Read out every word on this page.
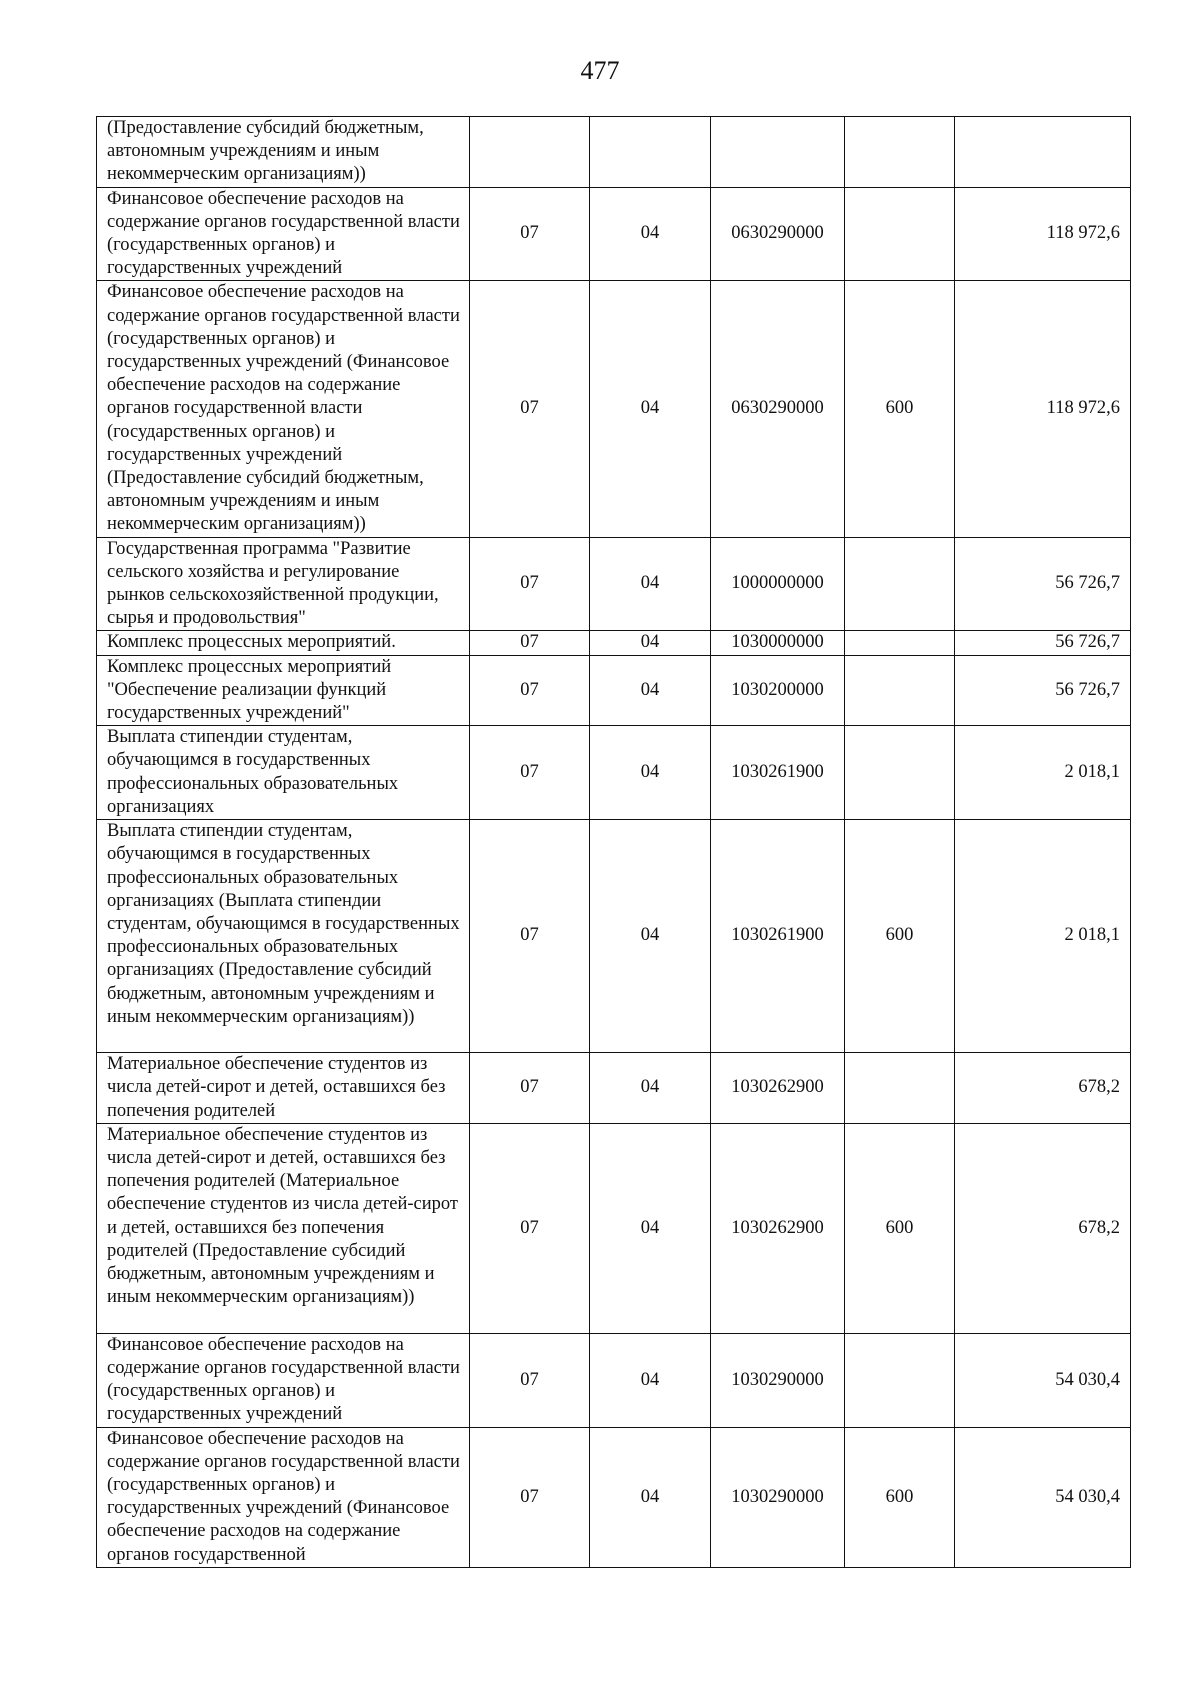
477
(Предоставление субсидий бюджетным, автономным учреждениям и иным некоммерческим организациям))					
Финансовое обеспечение расходов на содержание органов государственной власти (государственных органов) и государственных учреждений	07	04	0630290000		118 972,6
Финансовое обеспечение расходов на содержание органов государственной власти (государственных органов) и государственных учреждений (Финансовое обеспечение расходов на содержание органов государственной власти (государственных органов) и государственных учреждений (Предоставление субсидий бюджетным, автономным учреждениям и иным некоммерческим организациям))	07	04	0630290000	600	118 972,6
Государственная программа "Развитие сельского хозяйства и регулирование рынков сельскохозяйственной продукции, сырья и продовольствия"	07	04	1000000000		56 726,7
Комплекс процессных мероприятий.	07	04	1030000000		56 726,7
Комплекс процессных мероприятий "Обеспечение реализации функций государственных учреждений"	07	04	1030200000		56 726,7
Выплата стипендии студентам, обучающимся в государственных профессиональных образовательных организациях	07	04	1030261900		2 018,1
Выплата стипендии студентам, обучающимся в государственных профессиональных образовательных организациях (Выплата стипендии студентам, обучающимся в государственных профессиональных образовательных организациях (Предоставление субсидий бюджетным, автономным учреждениям и иным некоммерческим организациям))	07	04	1030261900	600	2 018,1
Материальное обеспечение студентов из числа детей-сирот и детей, оставшихся без попечения родителей	07	04	1030262900		678,2
Материальное обеспечение студентов из числа детей-сирот и детей, оставшихся без попечения родителей (Материальное обеспечение студентов из числа детей-сирот и детей, оставшихся без попечения родителей (Предоставление субсидий бюджетным, автономным учреждениям и иным некоммерческим организациям))	07	04	1030262900	600	678,2
Финансовое обеспечение расходов на содержание органов государственной власти (государственных органов) и государственных учреждений	07	04	1030290000		54 030,4
Финансовое обеспечение расходов на содержание органов государственной власти (государственных органов) и государственных учреждений (Финансовое обеспечение расходов на содержание органов государственной	07	04	1030290000	600	54 030,4
